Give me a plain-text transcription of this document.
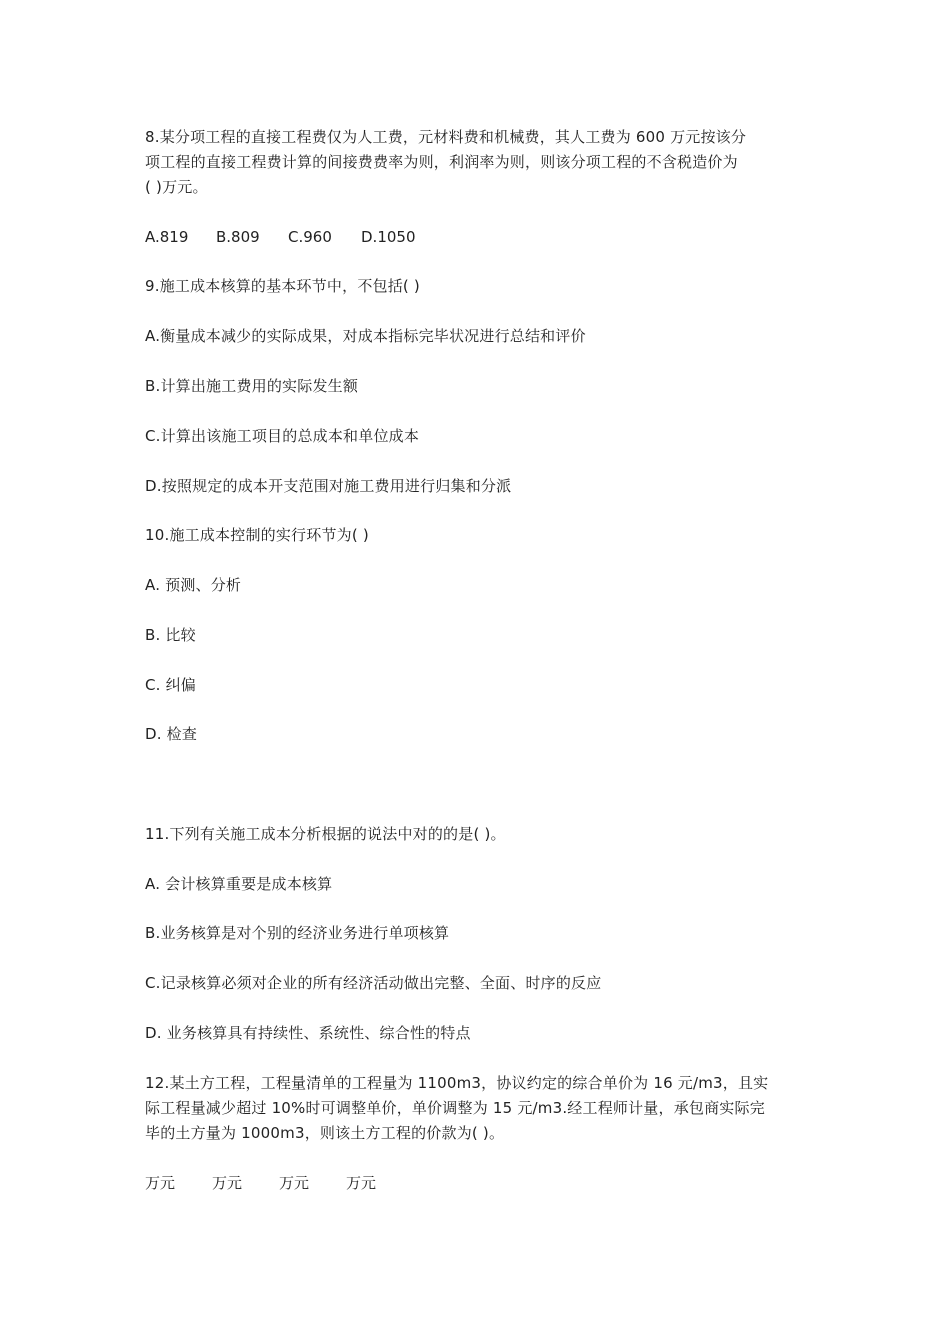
8.某分项工程的直接工程费仅为人工费，元材料费和机械费，其人工费为 600 万元按该分
项工程的直接工程费计算的间接费费率为则，利润率为则，则该分项工程的不含税造价为
( )万元。
A.819 B.809 C.960 D.1050
9.施工成本核算的基本环节中，不包括( )
A.衡量成本减少的实际成果，对成本指标完毕状况进行总结和评价
B.计算出施工费用的实际发生额
C.计算出该施工项目的总成本和单位成本
D.按照规定的成本开支范围对施工费用进行归集和分派
10.施工成本控制的实行环节为( )
A. 预测、分析
B. 比较
C. 纠偏
D. 检查
11.下列有关施工成本分析根据的说法中对的的是( )。
A. 会计核算重要是成本核算
B.业务核算是对个别的经济业务进行单项核算
C.记录核算必须对企业的所有经济活动做出完整、全面、时序的反应
D. 业务核算具有持续性、系统性、综合性的特点
12.某土方工程，工程量清单的工程量为 1100m3，协议约定的综合单价为 16 元/m3，且实
际工程量减少超过 10%时可调整单价，单价调整为 15 元/m3.经工程师计量，承包商实际完
毕的土方量为 1000m3，则该土方工程的价款为( )。
万元 万元 万元 万元
